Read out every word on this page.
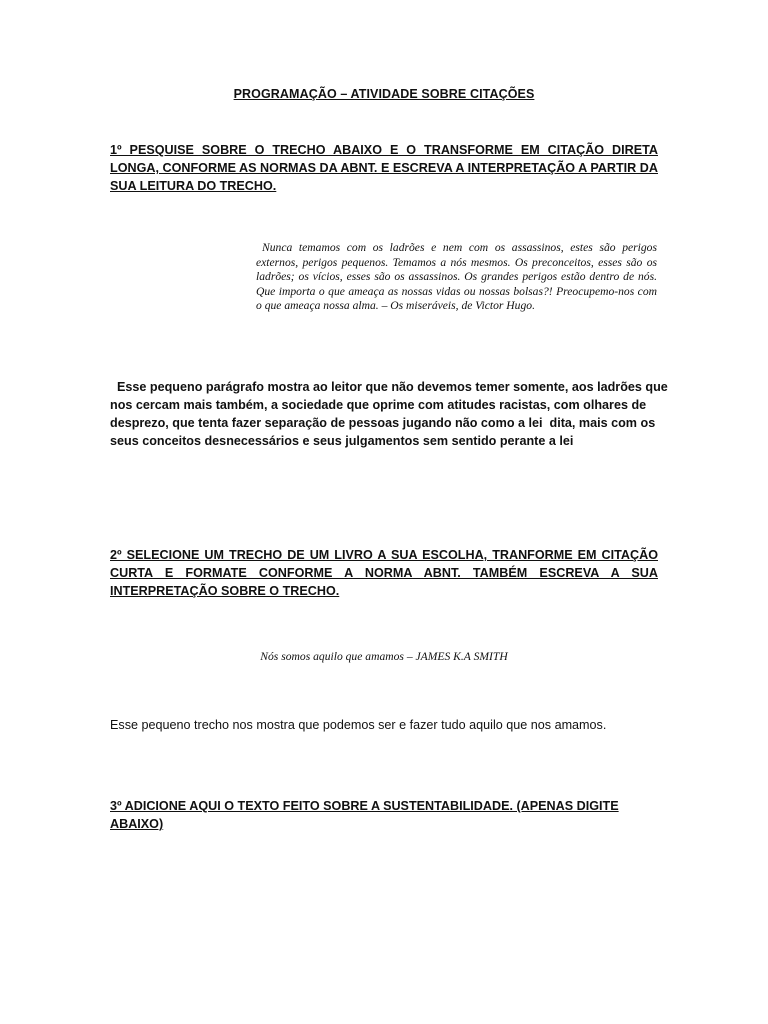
PROGRAMAÇÃO – ATIVIDADE SOBRE CITAÇÕES
1º PESQUISE SOBRE O TRECHO ABAIXO E O TRANSFORME EM CITAÇÃO DIRETA LONGA, CONFORME AS NORMAS DA ABNT. E ESCREVA A INTERPRETAÇÃO A PARTIR DA SUA LEITURA DO TRECHO.
Nunca temamos com os ladrões e nem com os assassinos, estes são perigos externos, perigos pequenos. Temamos a nós mesmos. Os preconceitos, esses são os ladrões; os vícios, esses são os assassinos. Os grandes perigos estão dentro de nós. Que importa o que ameaça as nossas vidas ou nossas bolsas?! Preocupemo-nos com o que ameaça nossa alma. – Os miseráveis, de Victor Hugo.
Esse pequeno parágrafo mostra ao leitor que não devemos temer somente, aos ladrões que
nos cercam mais também, a sociedade que oprime com atitudes racistas, com olhares de
desprezo, que tenta fazer separação de pessoas jugando não como a lei  dita, mais com os
seus conceitos desnecessários e seus julgamentos sem sentido perante a lei
2º SELECIONE UM TRECHO DE UM LIVRO A SUA ESCOLHA, TRANFORME EM CITAÇÃO CURTA E FORMATE CONFORME A NORMA ABNT. TAMBÉM ESCREVA A SUA INTERPRETAÇÃO SOBRE O TRECHO.
Nós somos aquilo que amamos – JAMES K.A SMITH
Esse pequeno trecho nos mostra que podemos ser e fazer tudo aquilo que nos amamos.
3º ADICIONE AQUI O TEXTO FEITO SOBRE A SUSTENTABILIDADE. (APENAS DIGITE ABAIXO)
